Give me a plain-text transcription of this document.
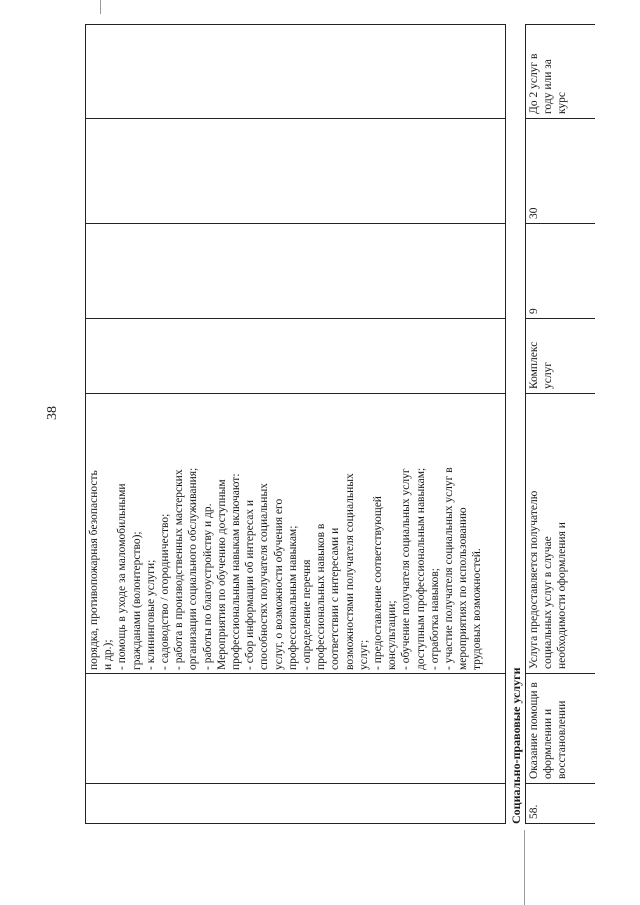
38
порядка, противопожарная безопасность и др.); - помощь в уходе за маломобильными гражданами (волонтерство); - клининговые услуги; - садоводство / огородничество; - работа в производственных мастерских организации социального обслуживания; - работы по благоустройству и др. Мероприятия по обучению доступным профессиональным навыкам включают: - сбор информации об интересах и способностях получателя социальных услуг, о возможности обучения его профессиональным навыкам; - определение перечня профессиональных навыков в соответствии с интересами и возможностями получателя социальных услуг; - предоставление соответствующей консультации; - обучение получателя социальных услуг доступным профессиональным навыкам; - отработка навыков; - участие получателя социальных услуг в мероприятиях по использованию трудовых возможностей.
Социально-правовые услуги 58.
Оказание помощи в оформлении и восстановлении
Услуга предоставляется получателю социальных услуг в случае необходимости оформления и
Комплекс услуг
9
30
До 2 услуг в году или за курс
